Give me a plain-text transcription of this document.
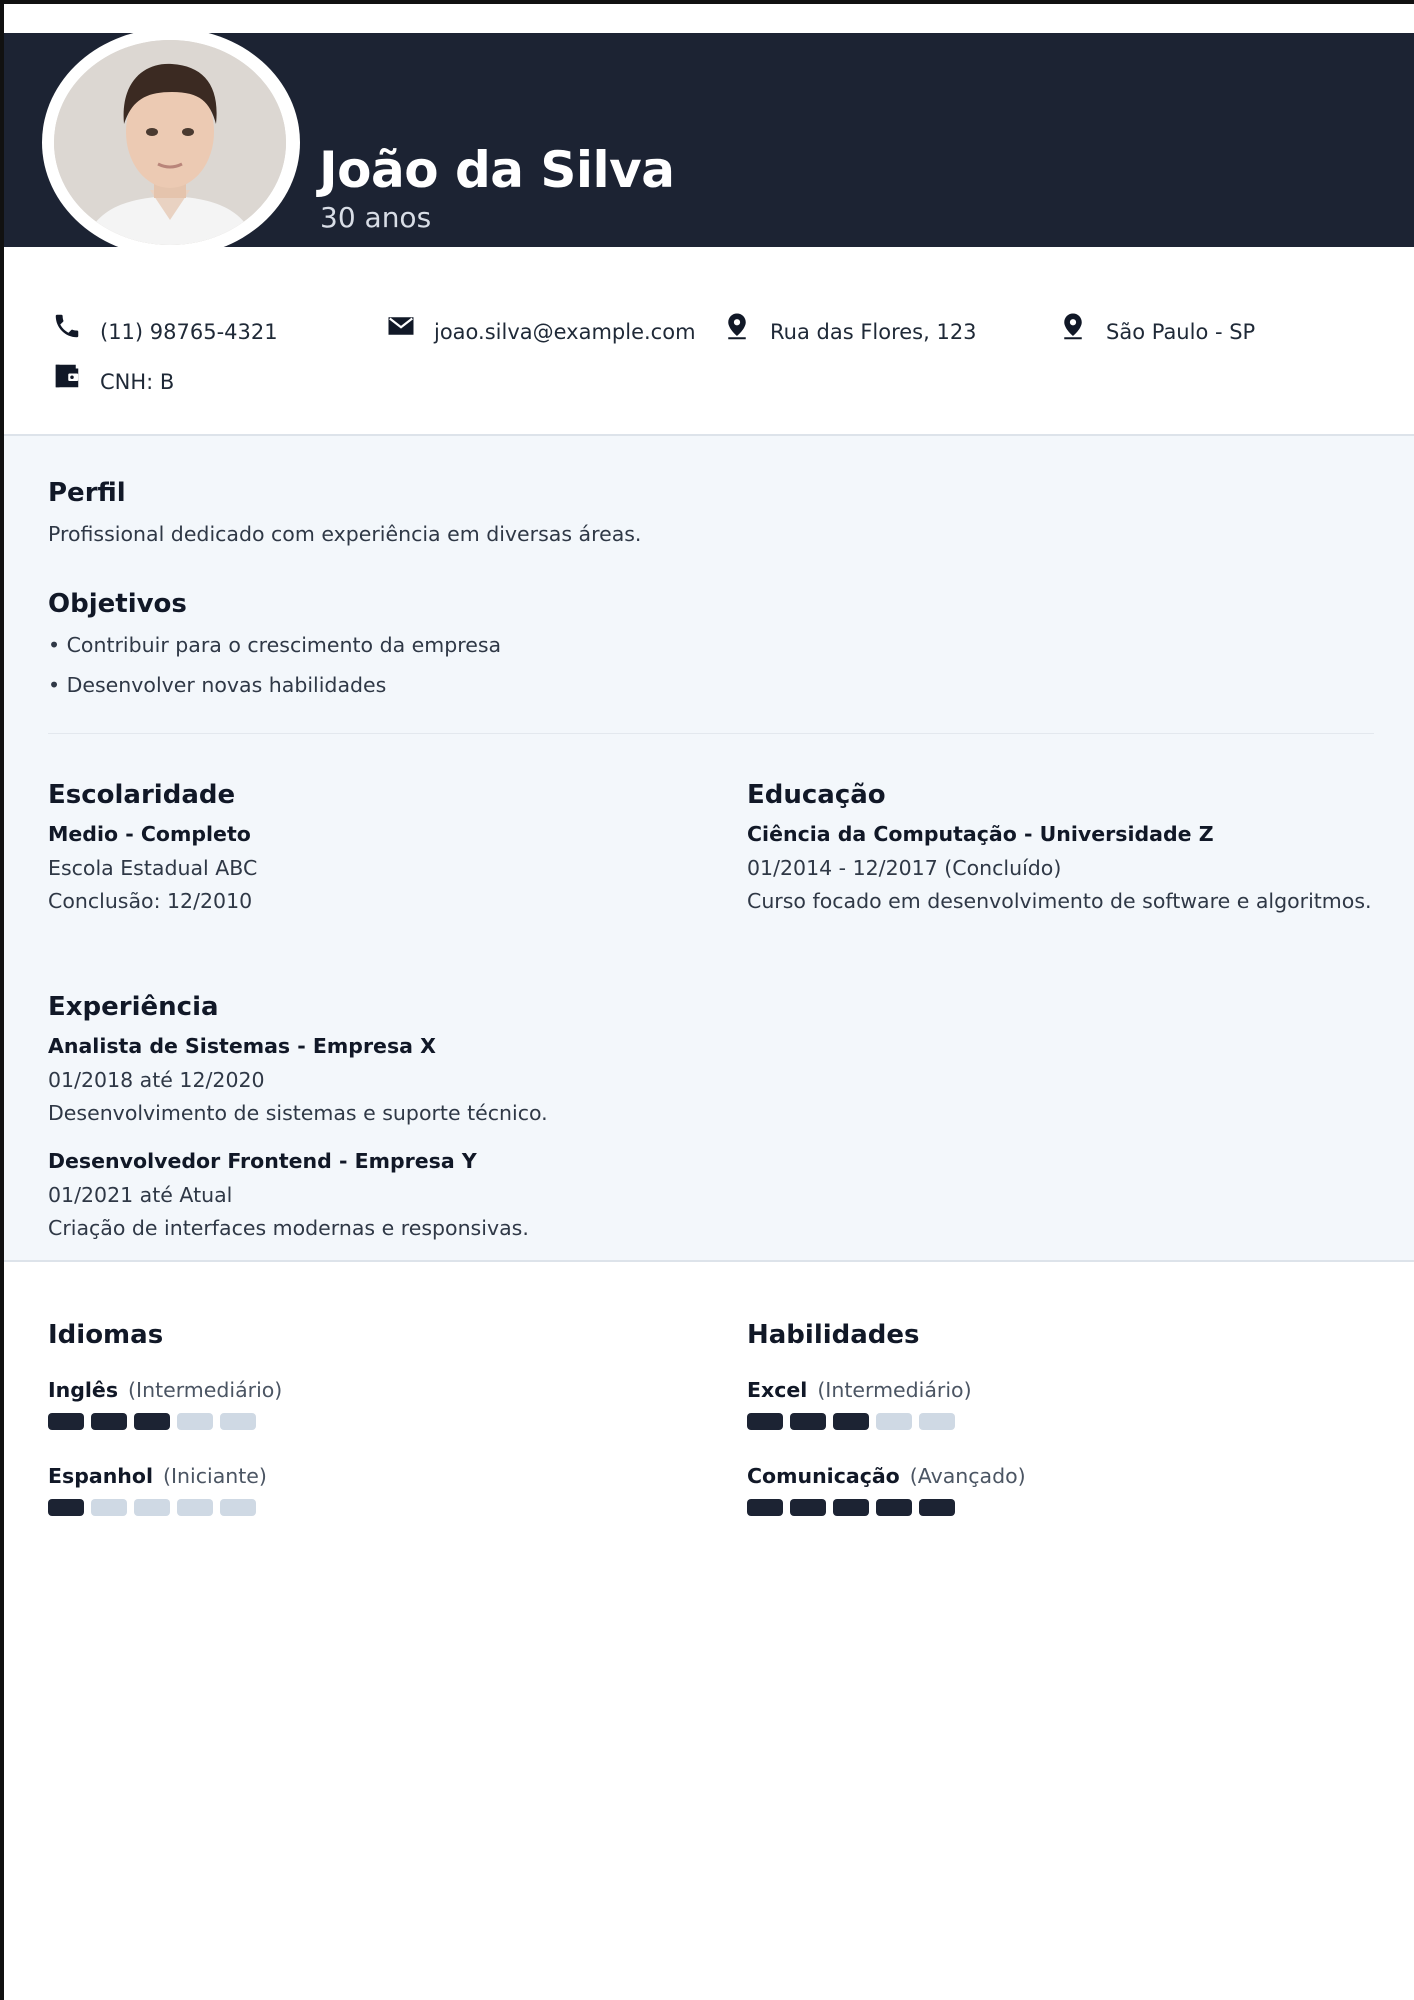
João da Silva
30 anos
(11) 98765-4321	joao.silva@example.com	Rua das Flores, 123	São Paulo - SP
CNH: B
Perfil
Profissional dedicado com experiência em diversas áreas.
Objetivos
• Contribuir para o crescimento da empresa
• Desenvolver novas habilidades
Escolaridade
Medio - Completo
Escola Estadual ABC
Conclusão: 12/2010
Educação
Ciência da Computação - Universidade Z
01/2014 - 12/2017 (Concluído)
Curso focado em desenvolvimento de software e algoritmos.
Experiência
Analista de Sistemas - Empresa X
01/2018 até 12/2020
Desenvolvimento de sistemas e suporte técnico.
Desenvolvedor Frontend - Empresa Y
01/2021 até Atual
Criação de interfaces modernas e responsivas.
Idiomas
Inglês (Intermediário)
Espanhol (Iniciante)
Habilidades
Excel (Intermediário)
Comunicação (Avançado)
